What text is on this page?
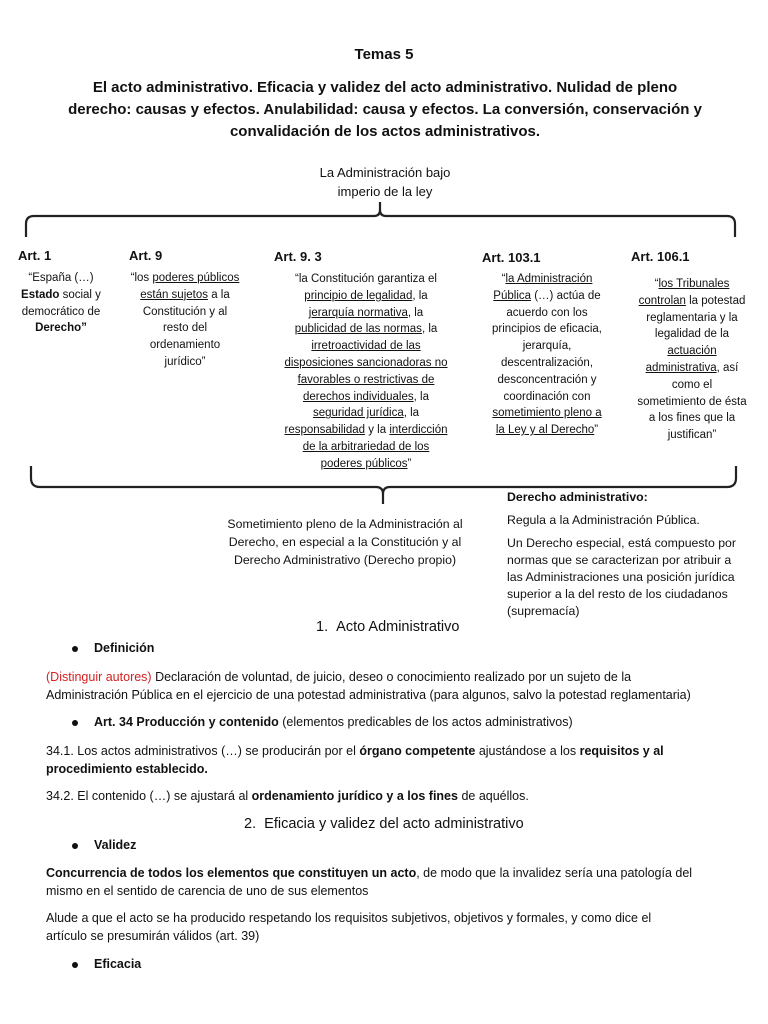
Temas 5
El acto administrativo. Eficacia y validez del acto administrativo. Nulidad de pleno
derecho: causas y efectos. Anulabilidad: causa y efectos. La conversión, conservación y
convalidación de los actos administrativos.
La Administración bajo
imperio de la ley
Art. 1
“España (…)
Estado social y
democrático de
Derecho”
Art. 9
“los poderes públicos
están sujetos a la
Constitución y al
resto del
ordenamiento
jurídico”
Art. 9. 3
“la Constitución garantiza el
principio de legalidad, la
jerarquía normativa, la
publicidad de las normas, la
irretroactividad de las
disposiciones sancionadoras no
favorables o restrictivas de
derechos individuales, la
seguridad jurídica, la
responsabilidad y la interdicción
de la arbitrariedad de los
poderes públicos”
Art. 103.1
“la Administración
Pública (…) actúa de
acuerdo con los
principios de eficacia,
jerarquía,
descentralización,
desconcentración y
coordinación con
sometimiento pleno a
la Ley y al Derecho”
Art. 106.1
“los Tribunales
controlan la potestad
reglamentaria y la
legalidad de la
actuación
administrativa, así
como el
sometimiento de ésta
a los fines que la
justifican”
Sometimiento pleno de la Administración al
Derecho, en especial a la Constitución y al
Derecho Administrativo (Derecho propio)
Derecho administrativo:
Regula a la Administración Pública.
Un Derecho especial, está compuesto por
normas que se caracterizan por atribuir a
las Administraciones una posición jurídica
superior a la del resto de los ciudadanos
(supremacía)
1. Acto Administrativo
Definición
(Distinguir autores) Declaración de voluntad, de juicio, deseo o conocimiento realizado por un sujeto de la
Administración Pública en el ejercicio de una potestad administrativa (para algunos, salvo la potestad reglamentaria)
Art. 34 Producción y contenido (elementos predicables de los actos administrativos)
34.1. Los actos administrativos (…) se producirán por el órgano competente ajustándose a los requisitos y al
procedimiento establecido.
34.2. El contenido (…) se ajustará al ordenamiento jurídico y a los fines de aquéllos.
2. Eficacia y validez del acto administrativo
Validez
Concurrencia de todos los elementos que constituyen un acto, de modo que la invalidez sería una patología del
mismo en el sentido de carencia de uno de sus elementos
Alude a que el acto se ha producido respetando los requisitos subjetivos, objetivos y formales, y como dice el
artículo se presumirán válidos (art. 39)
Eficacia
